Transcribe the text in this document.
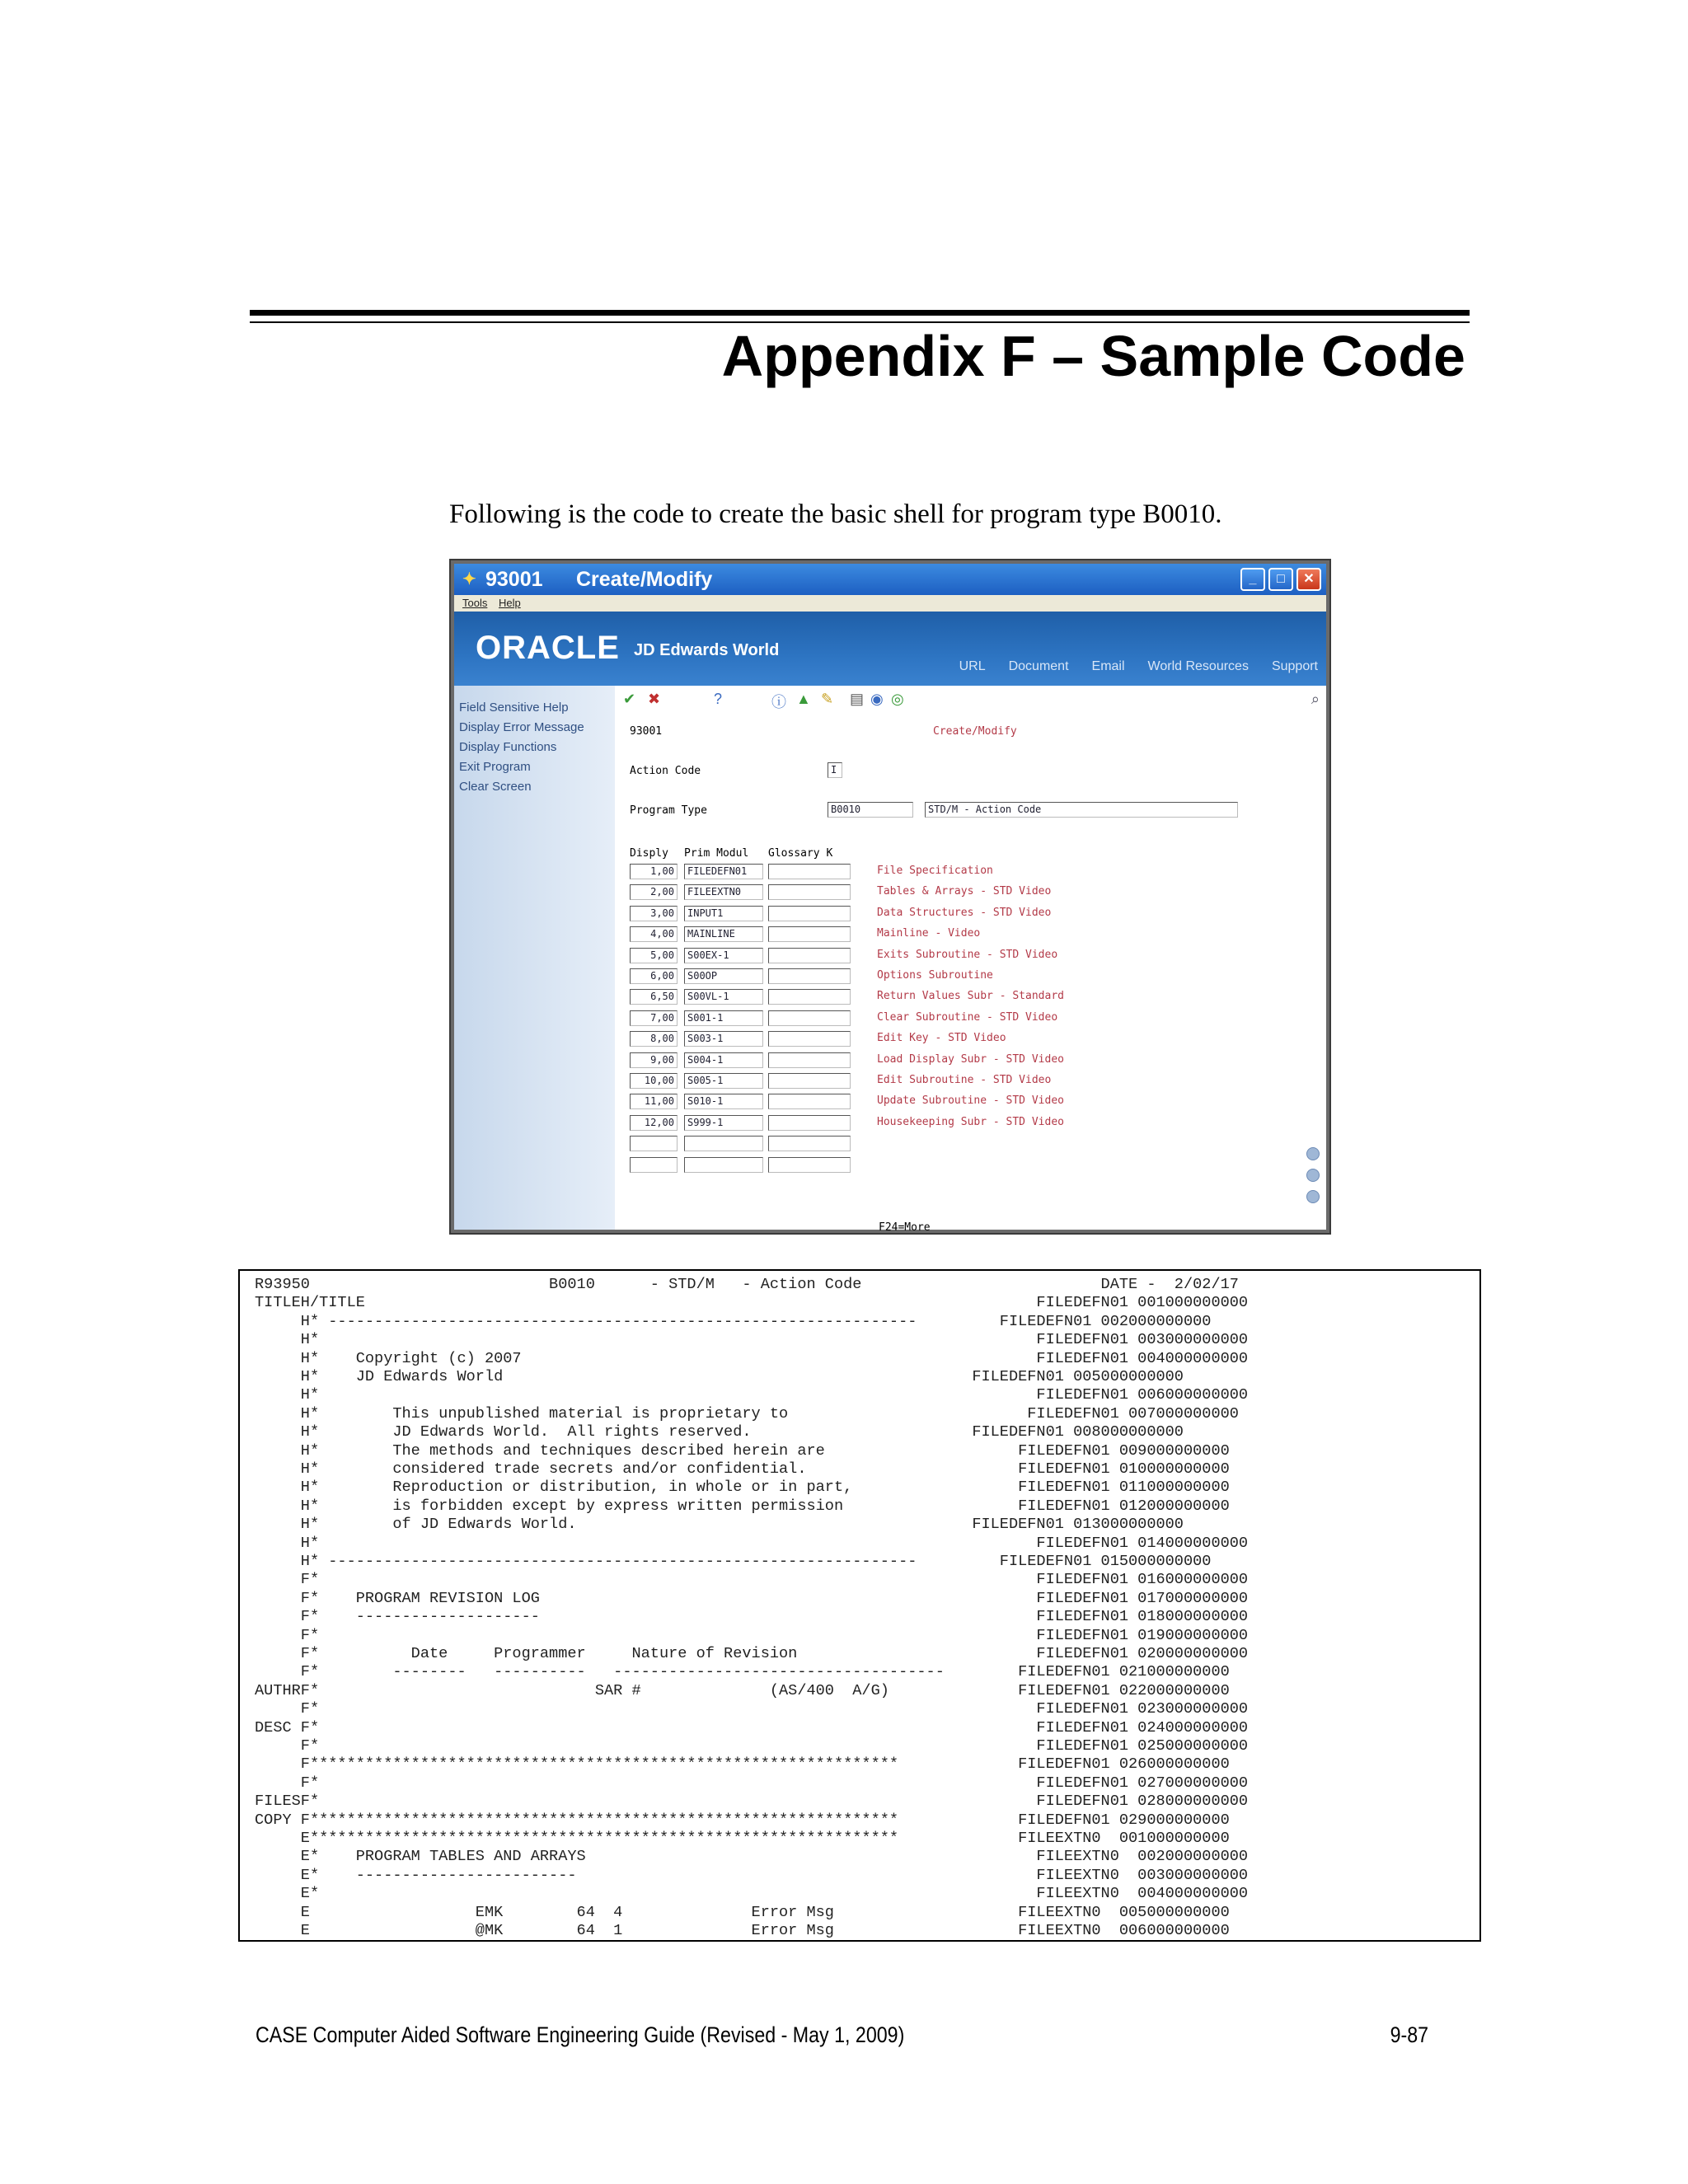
Appendix F – Sample Code

Following is the code to create the basic shell for program type B0010.

✦ 93001 Create/Modify	_	□	✕
Tools Help
ORACLE JD Edwards World
URL Document Email World Resources Support
Field Sensitive Help
Display Error Message
Display Functions
Exit Program
Clear Screen
✔ ✖	?	ⓘ ▲ ✎ ▤ ◉ ◎	⌕
93001	Create/Modify
Action Code	I
Program Type	B0010	STD/M - Action Code
Disply Prim Modul Glossary K
1,00	FILEDEFN01	File Specification
2,00	FILEEXTN0	Tables & Arrays - STD Video
3,00	INPUT1	Data Structures - STD Video
4,00	MAINLINE	Mainline - Video
5,00	S00EX-1	Exits Subroutine - STD Video
6,00	S00OP	Options Subroutine
6,50	S00VL-1	Return Values Subr - Standard
7,00	S001-1	Clear Subroutine - STD Video
8,00	S003-1	Edit Key - STD Video
9,00	S004-1	Load Display Subr - STD Video
10,00	S005-1	Edit Subroutine - STD Video
11,00	S010-1	Update Subroutine - STD Video
12,00	S999-1	Housekeeping Subr - STD Video
F24=More
R93950                          B0010      - STD/M   - Action Code                          DATE -  2/02/17
TITLEH/TITLE                                                                         FILEDEFN01 001000000000
H* ----------------------------------------------------------------         FILEDEFN01 002000000000
H*                                                                              FILEDEFN01 003000000000
H*    Copyright (c) 2007                                                        FILEDEFN01 004000000000
H*    JD Edwards World                                                   FILEDEFN01 005000000000
H*                                                                              FILEDEFN01 006000000000
H*        This unpublished material is proprietary to                          FILEDEFN01 007000000000
H*        JD Edwards World.  All rights reserved.                        FILEDEFN01 008000000000
H*        The methods and techniques described herein are                     FILEDEFN01 009000000000
H*        considered trade secrets and/or confidential.                       FILEDEFN01 010000000000
H*        Reproduction or distribution, in whole or in part,                  FILEDEFN01 011000000000
H*        is forbidden except by express written permission                   FILEDEFN01 012000000000
H*        of JD Edwards World.                                           FILEDEFN01 013000000000
H*                                                                              FILEDEFN01 014000000000
H* ----------------------------------------------------------------         FILEDEFN01 015000000000
F*                                                                              FILEDEFN01 016000000000
F*    PROGRAM REVISION LOG                                                      FILEDEFN01 017000000000
F*    --------------------                                                      FILEDEFN01 018000000000
F*                                                                              FILEDEFN01 019000000000
F*          Date     Programmer     Nature of Revision                          FILEDEFN01 020000000000
F*        --------   ----------   ------------------------------------        FILEDEFN01 021000000000
AUTHRF*                              SAR #              (AS/400  A/G)              FILEDEFN01 022000000000
F*                                                                              FILEDEFN01 023000000000
DESC F*                                                                              FILEDEFN01 024000000000
F*                                                                              FILEDEFN01 025000000000
F****************************************************************             FILEDEFN01 026000000000
F*                                                                              FILEDEFN01 027000000000
FILESF*                                                                              FILEDEFN01 028000000000
COPY F****************************************************************             FILEDEFN01 029000000000
E****************************************************************             FILEEXTN0  001000000000
E*    PROGRAM TABLES AND ARRAYS                                                 FILEEXTN0  002000000000
E*    ------------------------                                                  FILEEXTN0  003000000000
E*                                                                              FILEEXTN0  004000000000
E                  EMK        64  4              Error Msg                    FILEEXTN0  005000000000
E                  @MK        64  1              Error Msg                    FILEEXTN0  006000000000
CASE Computer Aided Software Engineering Guide (Revised - May 1, 2009)	9-87
